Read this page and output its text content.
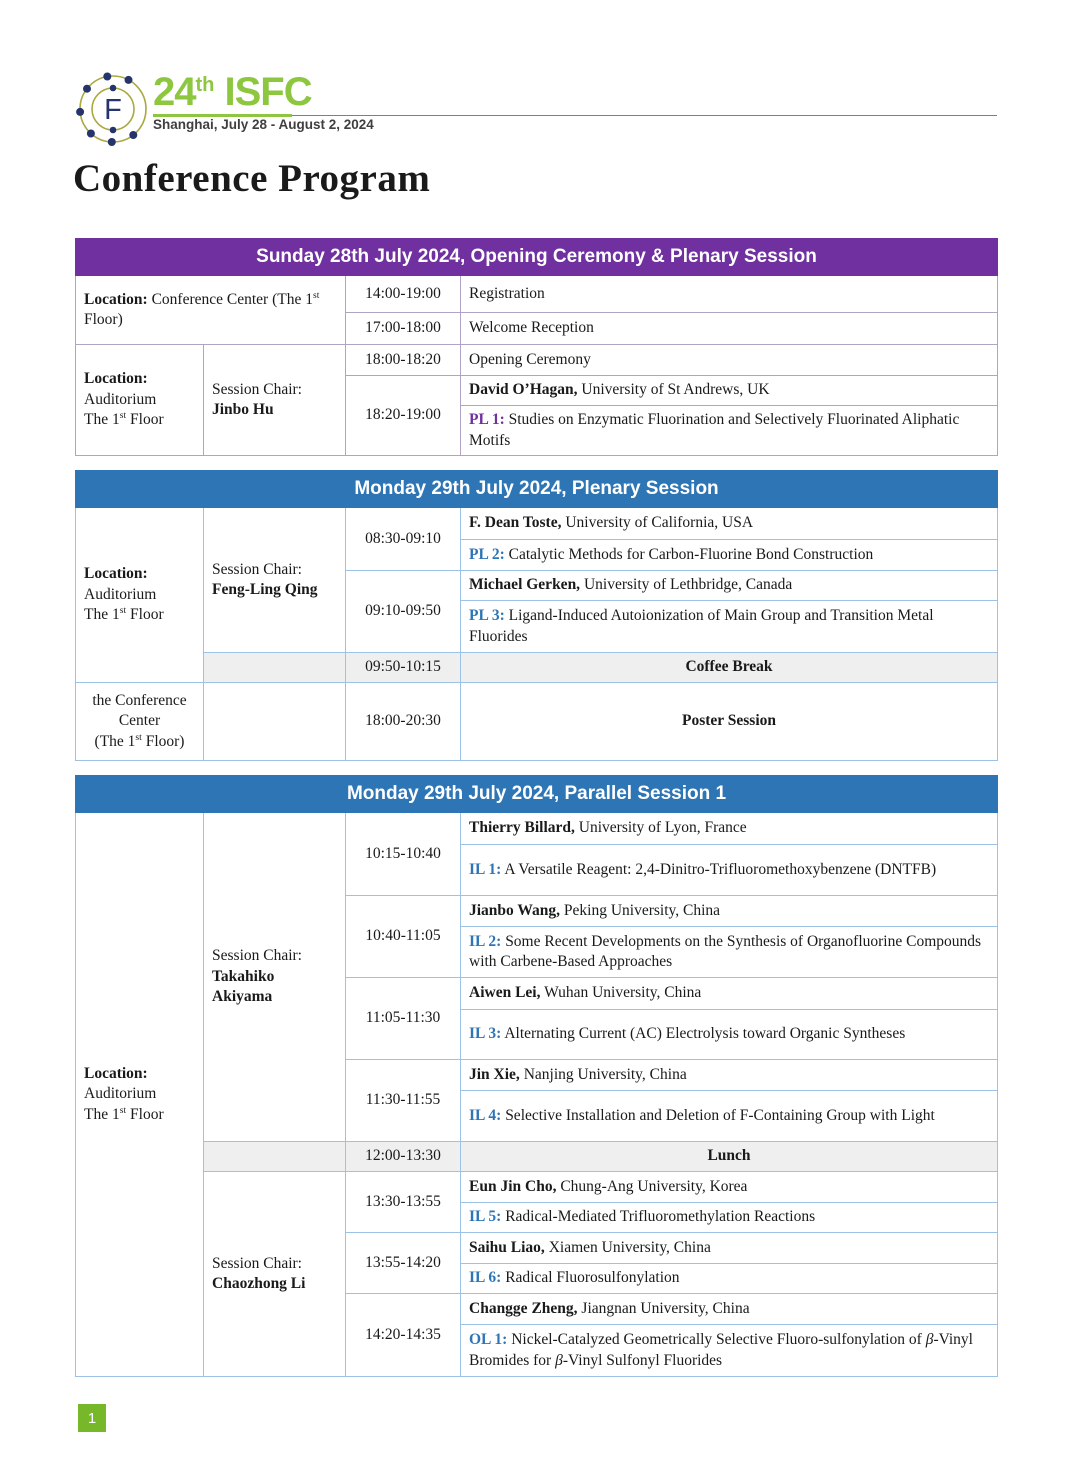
F 24th ISFC
Shanghai, July 28 - August 2, 2024
Conference Program
Sunday 28th July 2024, Opening Ceremony & Plenary Session			
Location: Conference Center (The 1st Floor)		14:00-19:00	Registration
		17:00-18:00	Welcome Reception
Location:
Auditorium
The 1st Floor	Session Chair:
Jinbo Hu	18:00-18:20	Opening Ceremony
		18:20-19:00	David O’Hagan, University of St Andrews, UK
			PL 1: Studies on Enzymatic Fluorination and Selectively Fluorinated Aliphatic Motifs
Monday 29th July 2024, Plenary Session			
Location:
Auditorium
The 1st Floor	Session Chair:
Feng-Ling Qing	08:30-09:10	F. Dean Toste, University of California, USA
			PL 2: Catalytic Methods for Carbon-Fluorine Bond Construction
		09:10-09:50	Michael Gerken, University of Lethbridge, Canada
			PL 3: Ligand-Induced Autoionization of Main Group and Transition Metal Fluorides
		09:50-10:15	Coffee Break
the Conference
Center
(The 1st Floor)		18:00-20:30	Poster Session
Monday 29th July 2024, Parallel Session 1			
Location:
Auditorium
The 1st Floor	Session Chair:
Takahiko
Akiyama	10:15-10:40	Thierry Billard, University of Lyon, France
			IL 1: A Versatile Reagent: 2,4-Dinitro-Trifluoromethoxybenzene (DNTFB)
		10:40-11:05	Jianbo Wang, Peking University, China
			IL 2: Some Recent Developments on the Synthesis of Organofluorine Compounds with Carbene-Based Approaches
		11:05-11:30	Aiwen Lei, Wuhan University, China
			IL 3: Alternating Current (AC) Electrolysis toward Organic Syntheses
		11:30-11:55	Jin Xie, Nanjing University, China
			IL 4: Selective Installation and Deletion of F-Containing Group with Light
		12:00-13:30	Lunch
	Session Chair:
Chaozhong Li	13:30-13:55	Eun Jin Cho, Chung-Ang University, Korea
			IL 5: Radical-Mediated Trifluoromethylation Reactions
		13:55-14:20	Saihu Liao, Xiamen University, China
			IL 6: Radical Fluorosulfonylation
		14:20-14:35	Changge Zheng, Jiangnan University, China
			OL 1: Nickel-Catalyzed Geometrically Selective Fluoro-sulfonylation of β-Vinyl Bromides for β-Vinyl Sulfonyl Fluorides
1
